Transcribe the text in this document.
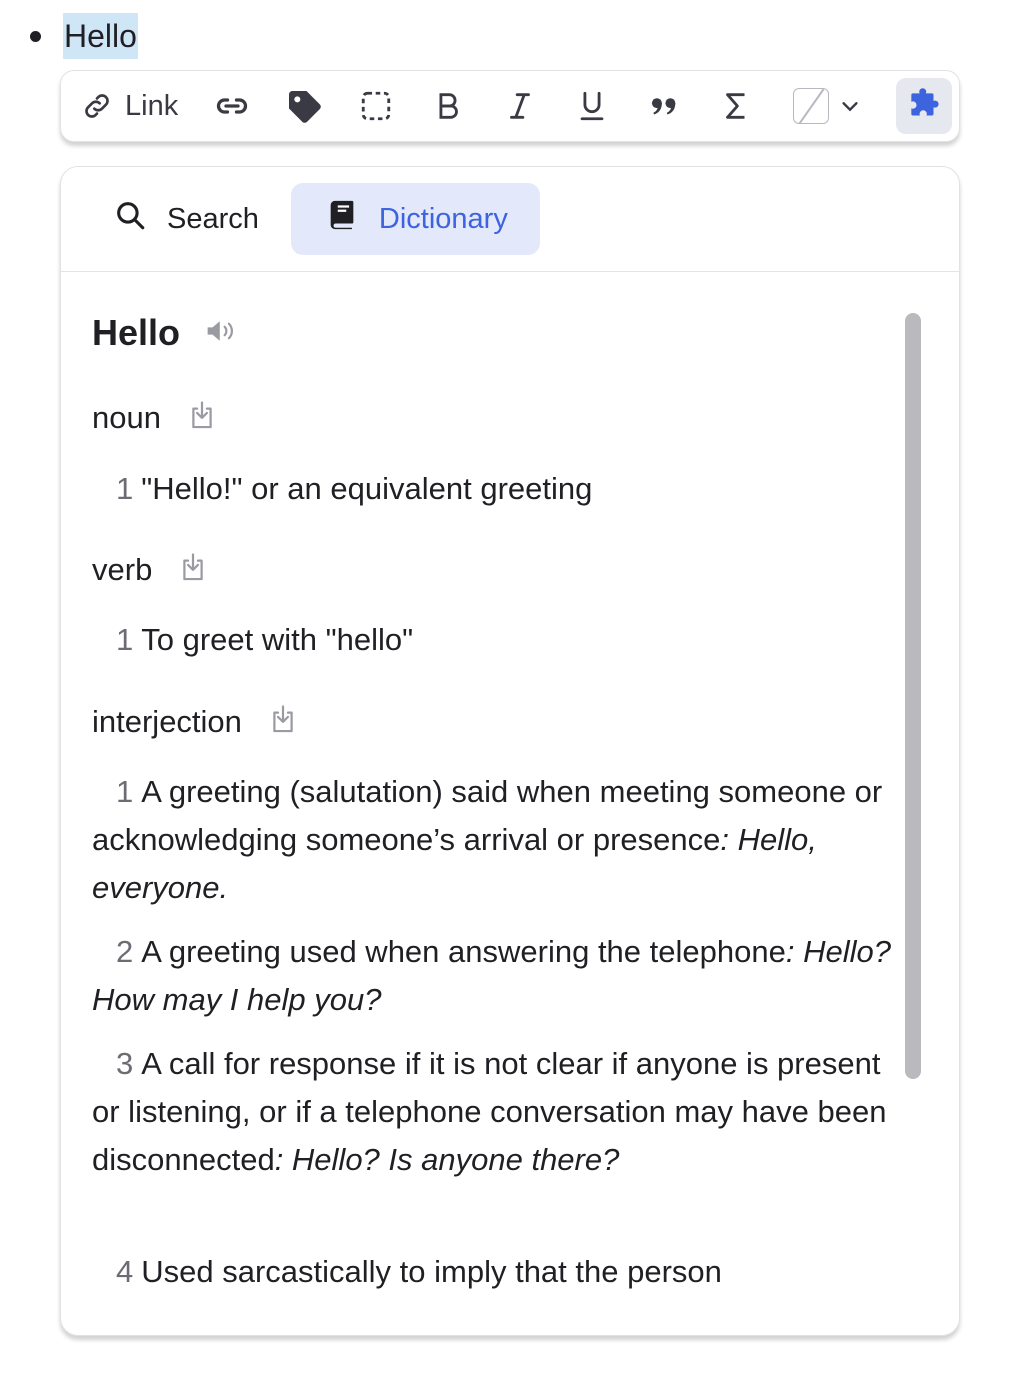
Hello
Link
Search	Dictionary
Hello
noun
1 "Hello!" or an equivalent greeting
verb
1 To greet with "hello"
interjection
1 A greeting (salutation) said when meeting someone or acknowledging someone’s arrival or presence: Hello, everyone.
2 A greeting used when answering the telephone: Hello? How may I help you?
3 A call for response if it is not clear if anyone is present or listening, or if a telephone conversation may have been disconnected: Hello? Is anyone there?
4 Used sarcastically to imply that the person
